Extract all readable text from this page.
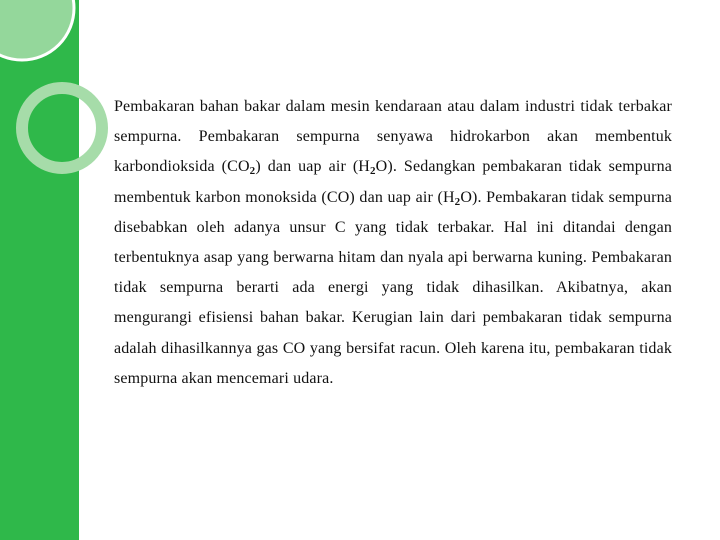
Pembakaran bahan bakar dalam mesin kendaraan atau dalam industri tidak terbakar sempurna. Pembakaran sempurna senyawa hidrokarbon akan membentuk karbondioksida $(CO_2)$ dan uap air $(H_2O)$. Sedangkan pembakaran tidak sempurna membentuk karbon monoksida (CO) dan uap air $(H_2O)$. Pembakaran tidak sempurna disebabkan oleh adanya unsur C yang tidak terbakar. Hal ini ditandai dengan terbentuknya asap yang berwarna hitam dan nyala api berwarna kuning. Pembakaran tidak sempurna berarti ada energi yang tidak dihasilkan. Akibatnya, akan mengurangi efisiensi bahan bakar. Kerugian lain dari pembakaran tidak sempurna adalah dihasilkannya gas CO yang bersifat racun. Oleh karena itu, pembakaran tidak sempurna akan mencemari udara.
